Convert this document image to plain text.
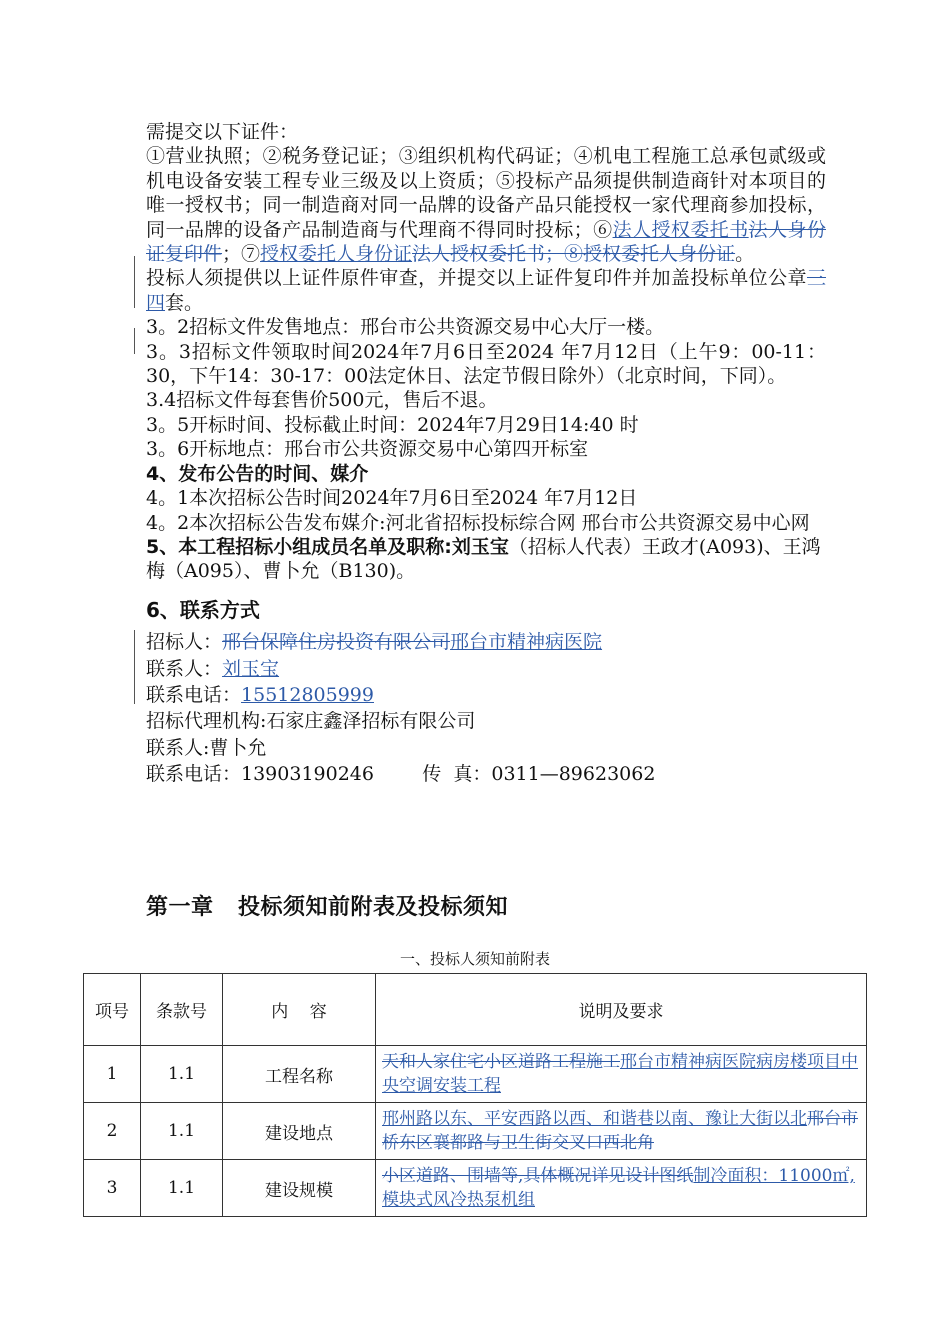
需提交以下证件：

①营业执照；②税务登记证；③组织机构代码证；④机电工程施工总承包贰级或机电设备安装工程专业三级及以上资质；⑤投标产品须提供制造商针对本项目的唯一授权书；同一制造商对同一品牌的设备产品只能授权一家代理商参加投标，同一品牌的设备产品制造商与代理商不得同时投标；⑥法人授权委托书法人身份证复印件；⑦授权委托人身份证法人授权委托书；⑧授权委托人身份证。

投标人须提供以上证件原件审查，并提交以上证件复印件并加盖投标单位公章三四套。

3。2招标文件发售地点：邢台市公共资源交易中心大厅一楼。

3。3招标文件领取时间2024年7月6日至2024 年7月12日（上午9：00-11：30，下午14：30-17：00法定休日、法定节假日除外）（北京时间，下同）。

3.4招标文件每套售价500元，售后不退。

3。5开标时间、投标截止时间：2024年7月29日14:40 时

3。6开标地点：邢台市公共资源交易中心第四开标室

4、发布公告的时间、媒介

4。1本次招标公告时间2024年7月6日至2024 年7月12日

4。2本次招标公告发布媒介:河北省招标投标综合网 邢台市公共资源交易中心网

5、本工程招标小组成员名单及职称:刘玉宝（招标人代表）王政才(A093)、王鸿梅（A095）、曹卜允（B130)。

6、联系方式

招标人：邢台保障住房投资有限公司邢台市精神病医院

联系人：刘玉宝

联系电话：15512805999

招标代理机构:石家庄鑫泽招标有限公司

联系人:曹卜允

联系电话：13903190246        传  真：0311—89623062

第一章   投标须知前附表及投标须知
一、投标人须知前附表
项号	条款号	内    容	说明及要求
1	1.1	工程名称	天和人家住宅小区道路工程施工邢台市精神病医院病房楼项目中央空调安装工程
2	1.1	建设地点	邢州路以东、平安西路以西、和谐巷以南、豫让大街以北邢台市桥东区襄都路与卫生街交叉口西北角
3	1.1	建设规模	小区道路、围墙等,具体概况详见设计图纸制冷面积：11000㎡,模块式风冷热泵机组
